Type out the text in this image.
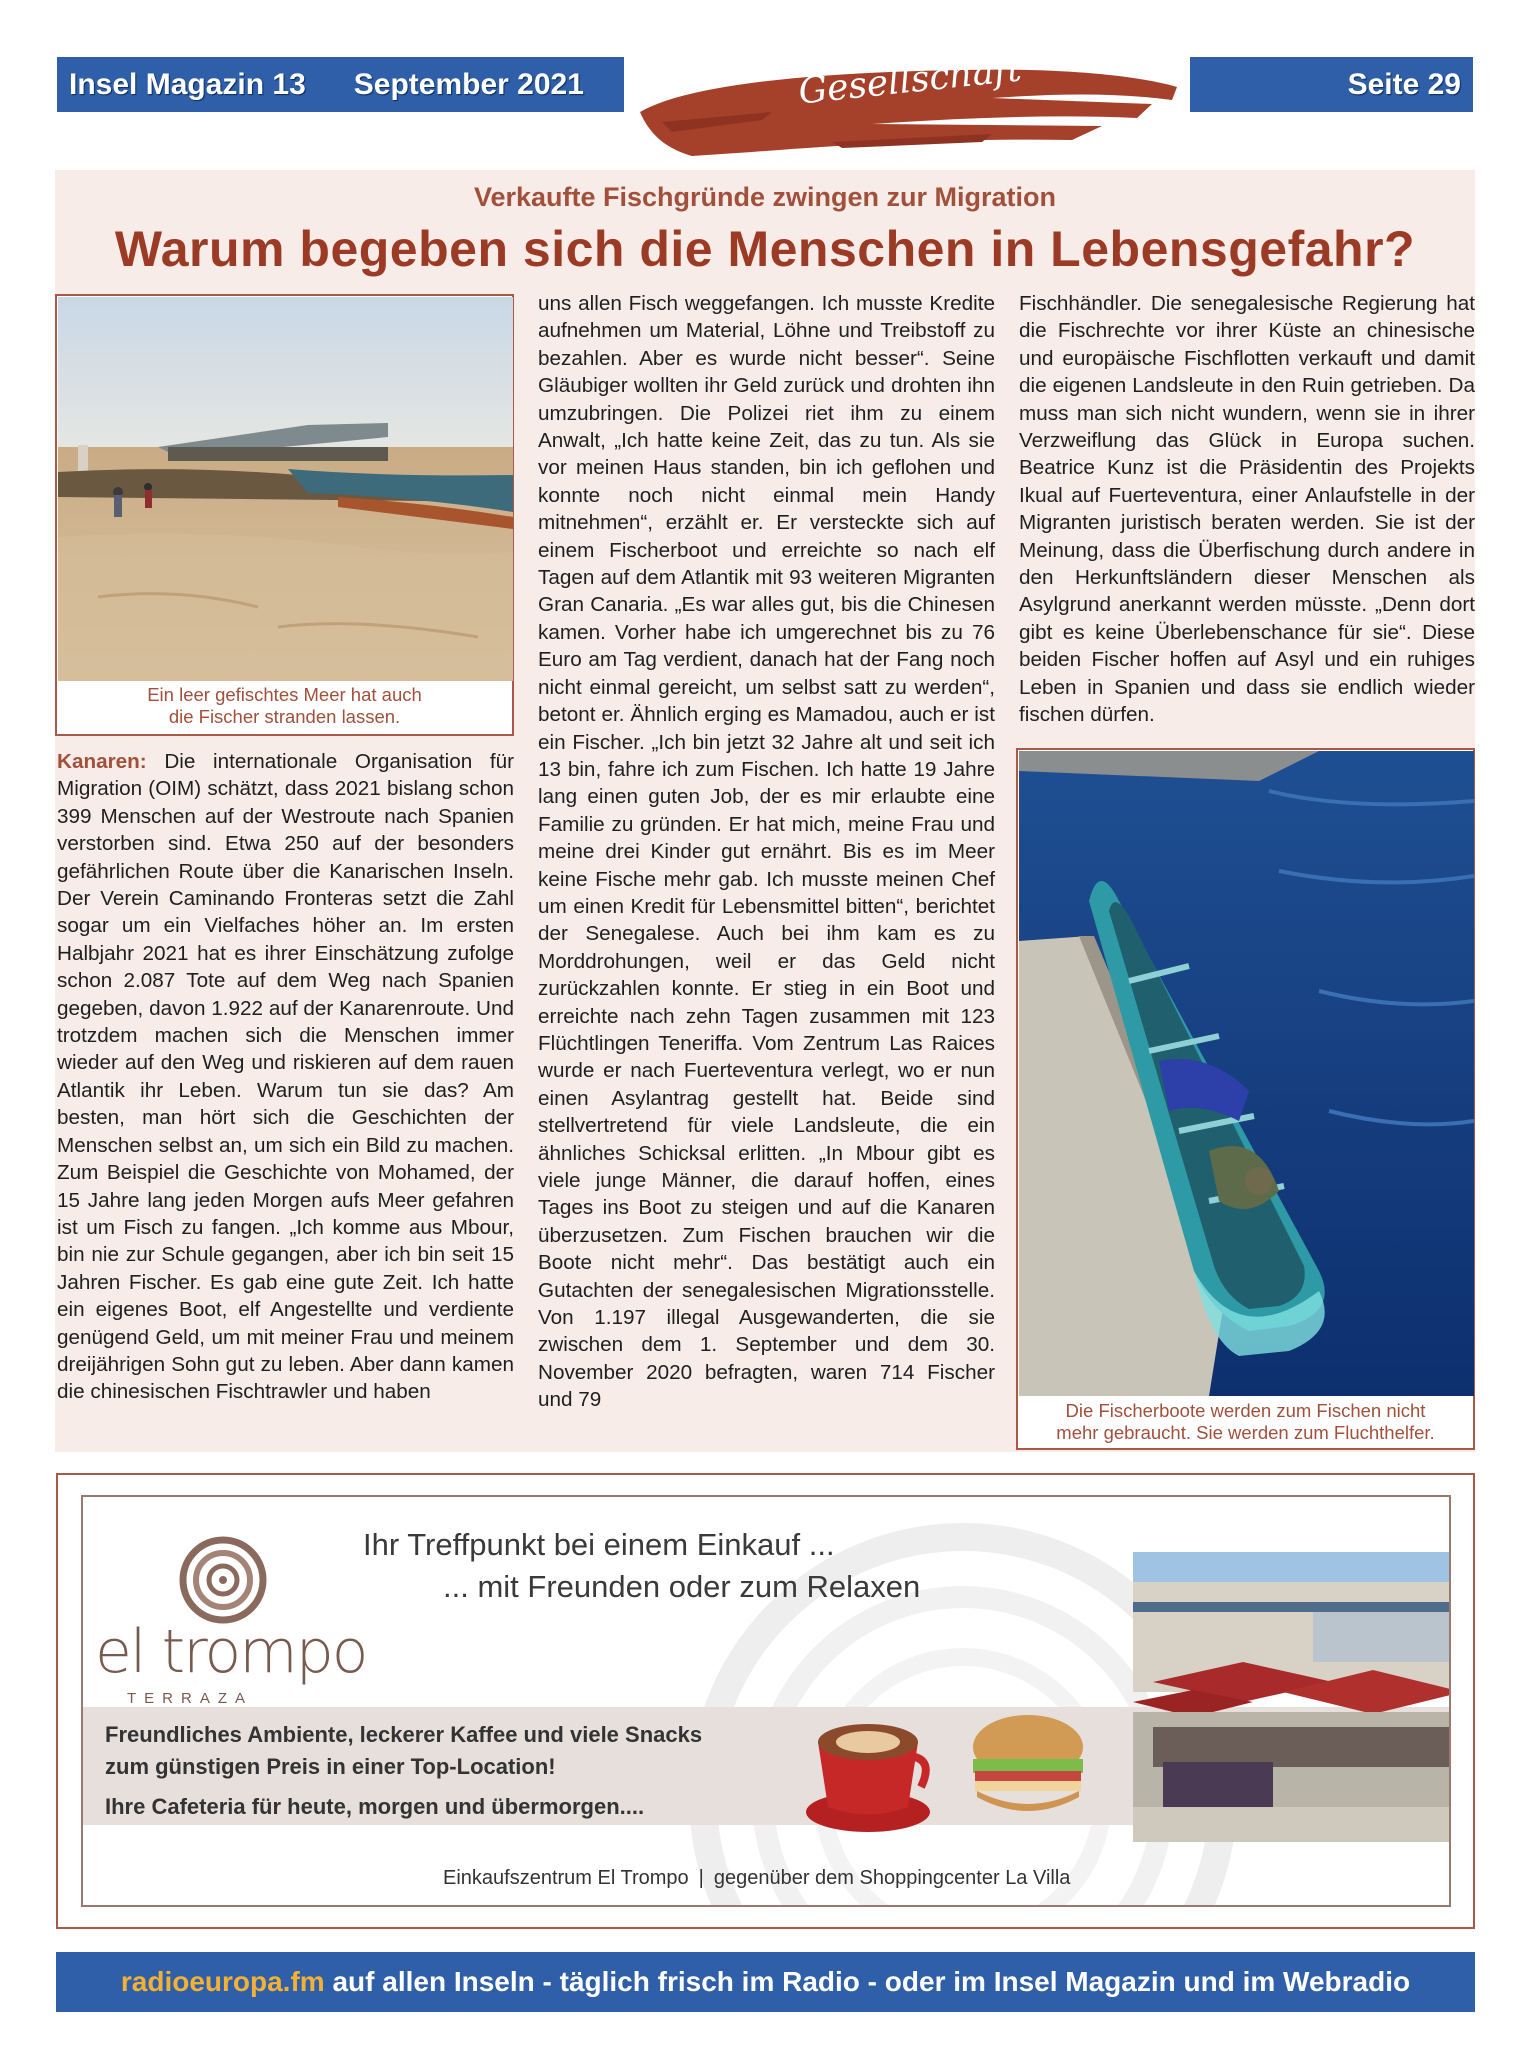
Insel Magazin 13 September 2021	Gesellschaft	Seite 29
Verkaufte Fischgründe zwingen zur Migration
Warum begeben sich die Menschen in Lebensgefahr?
Ein leer gefischtes Meer hat auch
die Fischer stranden lassen.

Kanaren: Die internationale Organisation für Migration (OIM) schätzt, dass 2021 bislang schon 399 Menschen auf der Westroute nach Spanien verstorben sind. Etwa 250 auf der besonders gefährlichen Route über die Kanarischen Inseln. Der Verein Caminando Fronteras setzt die Zahl sogar um ein Vielfaches höher an. Im ersten Halbjahr 2021 hat es ihrer Einschätzung zufolge schon 2.087 Tote auf dem Weg nach Spanien gegeben, davon 1.922 auf der Kanarenroute. Und trotzdem machen sich die Menschen immer wieder auf den Weg und riskieren auf dem rauen Atlantik ihr Leben. Warum tun sie das? Am besten, man hört sich die Geschichten der Menschen selbst an, um sich ein Bild zu machen. Zum Beispiel die Geschichte von Mohamed, der 15 Jahre lang jeden Morgen aufs Meer gefahren ist um Fisch zu fangen. „Ich komme aus Mbour, bin nie zur Schule gegangen, aber ich bin seit 15 Jahren Fischer. Es gab eine gute Zeit. Ich hatte ein eigenes Boot, elf Angestellte und verdiente genügend Geld, um mit meiner Frau und meinem dreijährigen Sohn gut zu leben. Aber dann kamen die chinesischen Fischtrawler und haben

uns allen Fisch weggefangen. Ich musste Kredite aufnehmen um Material, Löhne und Treibstoff zu bezahlen. Aber es wurde nicht besser“. Seine Gläubiger wollten ihr Geld zurück und drohten ihn umzubringen. Die Polizei riet ihm zu einem Anwalt, „Ich hatte keine Zeit, das zu tun. Als sie vor meinen Haus standen, bin ich geflohen und konnte noch nicht einmal mein Handy mitnehmen“, erzählt er. Er versteckte sich auf einem Fischerboot und erreichte so nach elf Tagen auf dem Atlantik mit 93 weiteren Migranten Gran Canaria. „Es war alles gut, bis die Chinesen kamen. Vorher habe ich umgerechnet bis zu 76 Euro am Tag verdient, danach hat der Fang noch nicht einmal gereicht, um selbst satt zu werden“, betont er. Ähnlich erging es Mamadou, auch er ist ein Fischer. „Ich bin jetzt 32 Jahre alt und seit ich 13 bin, fahre ich zum Fischen. Ich hatte 19 Jahre lang einen guten Job, der es mir erlaubte eine Familie zu gründen. Er hat mich, meine Frau und meine drei Kinder gut ernährt. Bis es im Meer keine Fische mehr gab. Ich musste meinen Chef um einen Kredit für Lebensmittel bitten“, berichtet der Senegalese. Auch bei ihm kam es zu Morddrohungen, weil er das Geld nicht zurückzahlen konnte. Er stieg in ein Boot und erreichte nach zehn Tagen zusammen mit 123 Flüchtlingen Teneriffa. Vom Zentrum Las Raices wurde er nach Fuerteventura verlegt, wo er nun einen Asylantrag gestellt hat. Beide sind stellvertretend für viele Landsleute, die ein ähnliches Schicksal erlitten. „In Mbour gibt es viele junge Männer, die darauf hoffen, eines Tages ins Boot zu steigen und auf die Kanaren überzusetzen. Zum Fischen brauchen wir die Boote nicht mehr“. Das bestätigt auch ein Gutachten der senegalesischen Migrationsstelle. Von 1.197 illegal Ausgewanderten, die sie zwischen dem 1. September und dem 30. November 2020 befragten, waren 714 Fischer und 79

Fischhändler. Die senegalesische Regierung hat die Fischrechte vor ihrer Küste an chinesische und europäische Fischflotten verkauft und damit die eigenen Landsleute in den Ruin getrieben. Da muss man sich nicht wundern, wenn sie in ihrer Verzweiflung das Glück in Europa suchen. Beatrice Kunz ist die Präsidentin des Projekts Ikual auf Fuerteventura, einer Anlaufstelle in der Migranten juristisch beraten werden. Sie ist der Meinung, dass die Überfischung durch andere in den Herkunftsländern dieser Menschen als Asylgrund anerkannt werden müsste. „Denn dort gibt es keine Überlebenschance für sie“. Diese beiden Fischer hoffen auf Asyl und ein ruhiges Leben in Spanien und dass sie endlich wieder fischen dürfen.

Die Fischerboote werden zum Fischen nicht
mehr gebraucht. Sie werden zum Fluchthelfer.
el trompo
TERRAZA
Ihr Treffpunkt bei einem Einkauf ...
... mit Freunden oder zum Relaxen
Freundliches Ambiente, leckerer Kaffee und viele Snacks
zum günstigen Preis in einer Top-Location!
Ihre Cafeteria für heute, morgen und übermorgen....
Einkaufszentrum El Trompo | gegenüber dem Shoppingcenter La Villa
radioeuropa.fm auf allen Inseln - täglich frisch im Radio - oder im Insel Magazin und im Webradio
